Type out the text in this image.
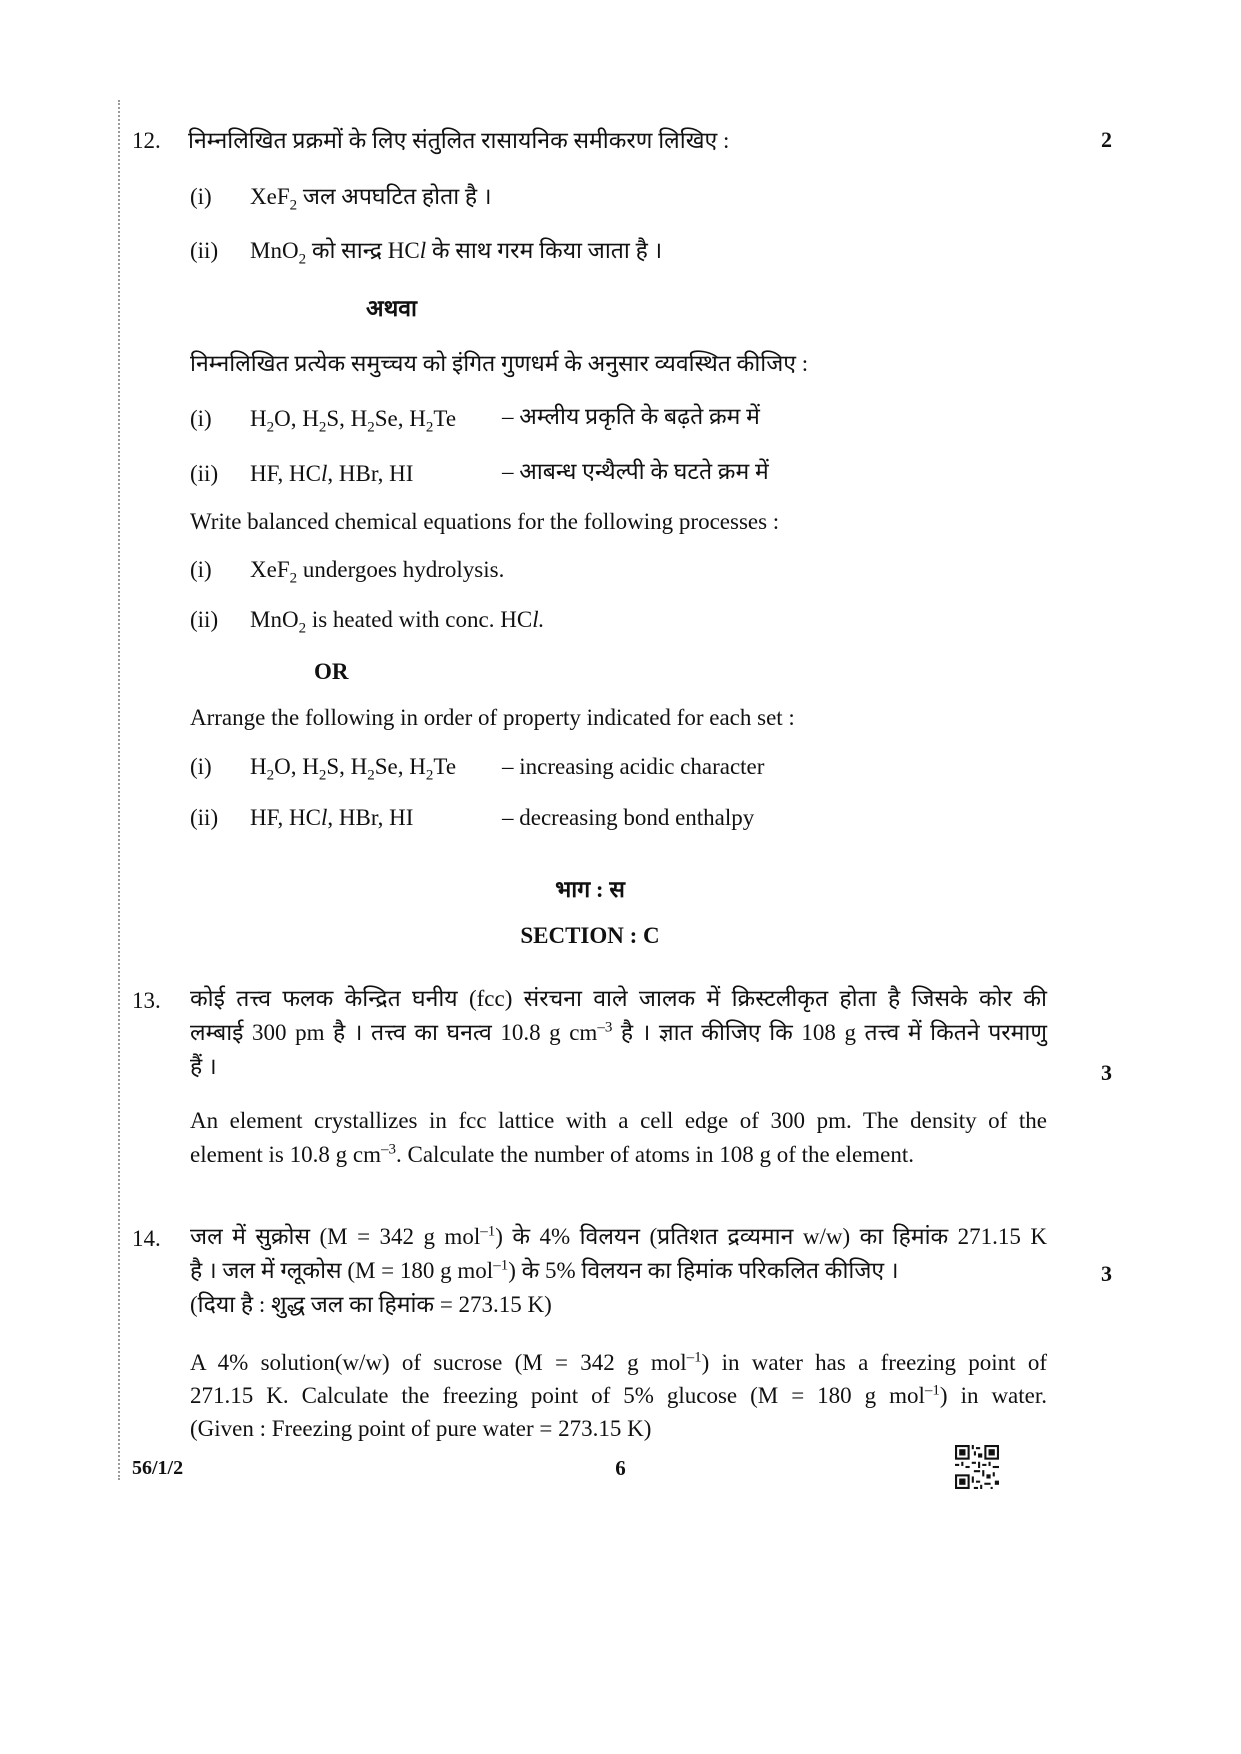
12. निम्नलिखित प्रक्रमों के लिए संतुलित रासायनिक समीकरण लिखिए :	2
(i) XeF$_2$ जल अपघटित होता है ।
(ii) MnO$_2$ को सान्द्र HCl के साथ गरम किया जाता है ।
अथवा
निम्नलिखित प्रत्येक समुच्चय को इंगित गुणधर्म के अनुसार व्यवस्थित कीजिए :
(i) $H_2O$, $H_2S$, $H_2Se$, $H_2Te$ – अम्लीय प्रकृति के बढ़ते क्रम में
(ii) HF, HCl, HBr, HI	– आबन्ध एन्थैल्पी के घटते क्रम में
Write balanced chemical equations for the following processes :
(i) XeF$_2$ undergoes hydrolysis.
(ii) MnO$_2$ is heated with conc. HCl.
OR
Arrange the following in order of property indicated for each set :
(i) $H_2O$, $H_2S$, $H_2Se$, $H_2Te$ – increasing acidic character
(ii) HF, HCl, HBr, HI	– decreasing bond enthalpy
भाग : स
SECTION : C
13. कोई तत्त्व फलक केन्द्रित घनीय (fcc) संरचना वाले जालक में क्रिस्टलीकृत होता है जिसके कोर की
लम्बाई 300 pm है । तत्त्व का घनत्व 10.8 g $cm^{-3}$ है । ज्ञात कीजिए कि 108 g तत्त्व में कितने परमाणु
हैं ।	3
An element crystallizes in fcc lattice with a cell edge of 300 pm. The density of the
element is 10.8 g $cm^{-3}$. Calculate the number of atoms in 108 g of the element.
14. जल में सुक्रोस (M = 342 g mol$^{-1}$) के 4% विलयन (प्रतिशत द्रव्यमान w/w) का हिमांक 271.15 K
है । जल में ग्लूकोस (M = 180 g mol$^{-1}$) के 5% विलयन का हिमांक परिकलित कीजिए ।
(दिया है : शुद्ध जल का हिमांक = 273.15 K)
3
A 4% solution(w/w) of sucrose (M = 342 g mol$^{-1}$) in water has a freezing point of
271.15 K. Calculate the freezing point of 5% glucose (M = 180 g mol$^{-1}$) in water.
(Given : Freezing point of pure water = 273.15 K)
56/1/2	6
